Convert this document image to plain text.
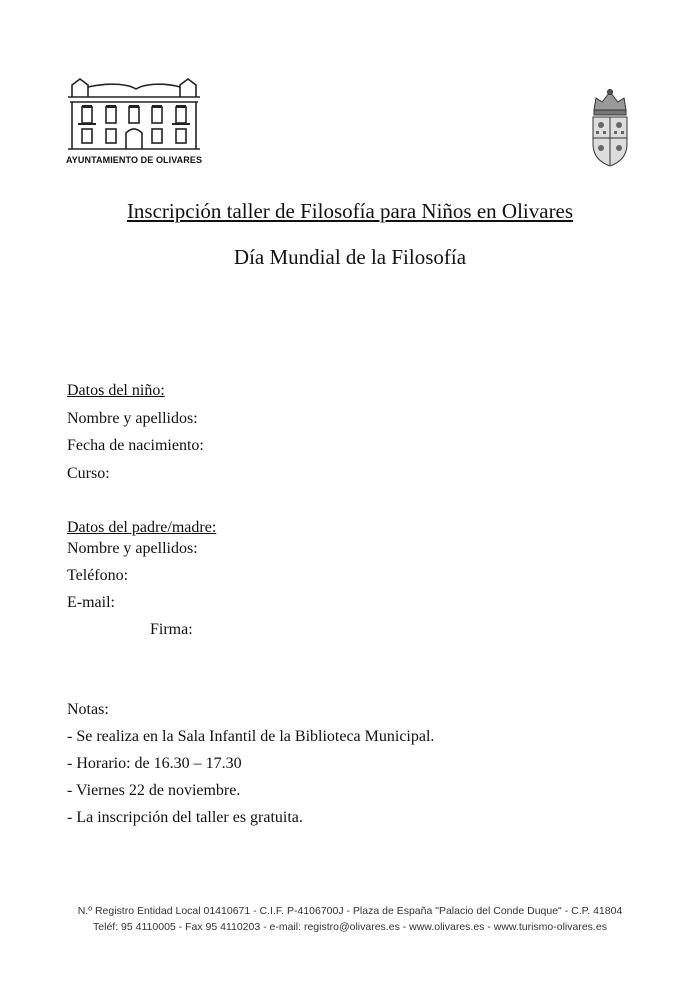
AYUNTAMIENTO DE OLIVARES
Inscripción taller de Filosofía para Niños en Olivares
Día Mundial de la Filosofía
Datos del niño:
Nombre y apellidos:
Fecha de nacimiento:
Curso:
Datos del padre/madre:
Nombre y apellidos:
Teléfono:
E-mail:
Firma:
Notas:
- Se realiza en la Sala Infantil de la Biblioteca Municipal.
- Horario: de 16.30 – 17.30
- Viernes 22 de noviembre.
- La inscripción del taller es gratuita.
N.º Registro Entidad Local 01410671 - C.I.F. P-4106700J - Plaza de España "Palacio del Conde Duque" - C.P. 41804
Teléf: 95 4110005 - Fax 95 4110203 - e-mail: registro@olivares.es - www.olivares.es - www.turismo-olivares.es
